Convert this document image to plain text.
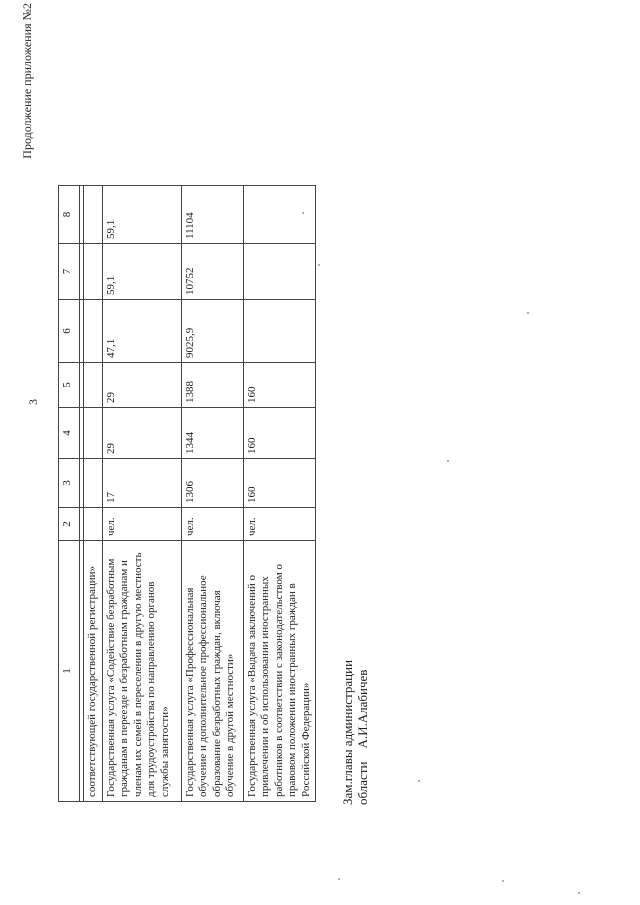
3
Продолжение приложения №2
1	2	3	4	5	6	7	8

соответствующей государственной регистрации»							
Государственная услуга «Содействие безработным гражданам в переезде и безработным гражданам и членам их семей в переселении в другую местность для трудоустройства по направлению органов службы занятости»	чел.	17	29	29	47,1	59,1	59,1
Государственная услуга «Профессиональная обучение и дополнительное профессиональное образование безработных граждан, включая обучение в другой местности»	чел.	1306	1344	1388	9025,9	10752	11104
Государственная услуга «Выдача заключений о привлечении и об использовании иностранных работников в соответствии с законодательством о правовом положении иностранных граждан в Российской Федерации»	чел.	160	160	160			
Зам.главы администрации области    А.И.Алабичев
